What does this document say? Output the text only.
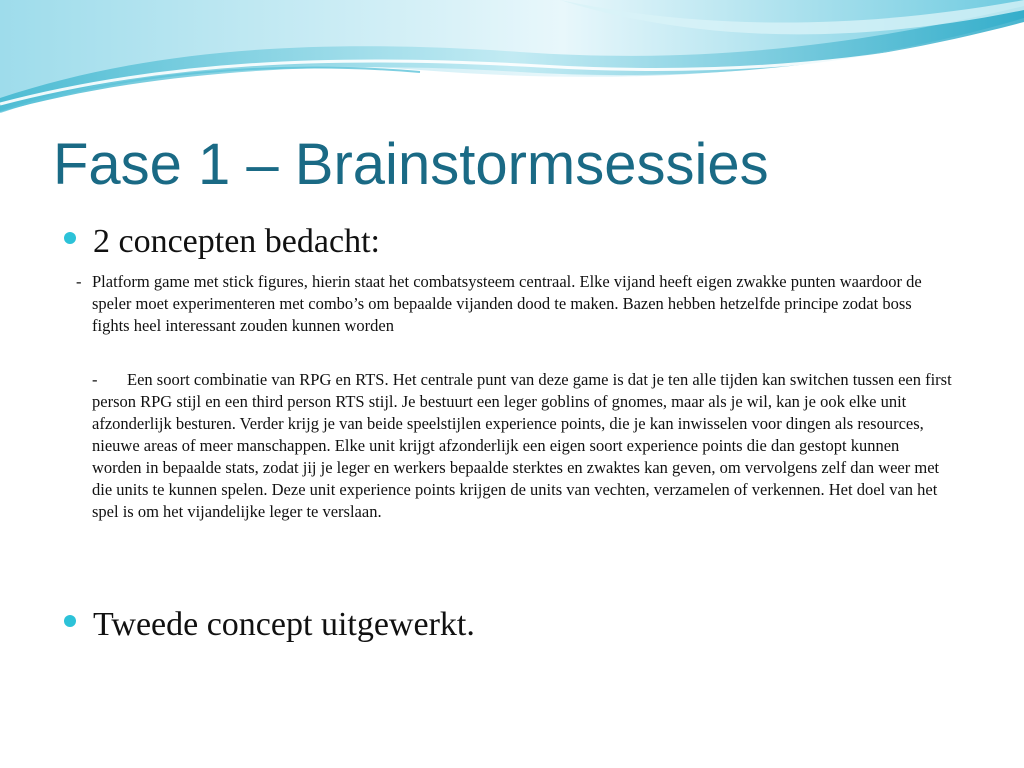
Fase 1 – Brainstormsessies
2 concepten bedacht:
- Platform game met stick figures, hierin staat het combatsysteem centraal. Elke vijand heeft eigen zwakke punten waardoor de speler moet experimenteren met combo’s om bepaalde vijanden dood te maken. Bazen hebben hetzelfde principe zodat boss fights heel interessant zouden kunnen worden

- Een soort combinatie van RPG en RTS. Het centrale punt van deze game is dat je ten alle tijden kan switchen tussen een first person RPG stijl en een third person RTS stijl. Je bestuurt een leger goblins of gnomes, maar als je wil, kan je ook elke unit afzonderlijk besturen. Verder krijg je van beide speelstijlen experience points, die je kan inwisselen voor dingen als resources, nieuwe areas of meer manschappen. Elke unit krijgt afzonderlijk een eigen soort experience points die dan gestopt kunnen worden in bepaalde stats, zodat jij je leger en werkers bepaalde sterktes en zwaktes kan geven, om vervolgens zelf dan weer met die units te kunnen spelen. Deze unit experience points krijgen de units van vechten, verzamelen of verkennen. Het doel van het spel is om het vijandelijke leger te verslaan.

Tweede concept uitgewerkt.
